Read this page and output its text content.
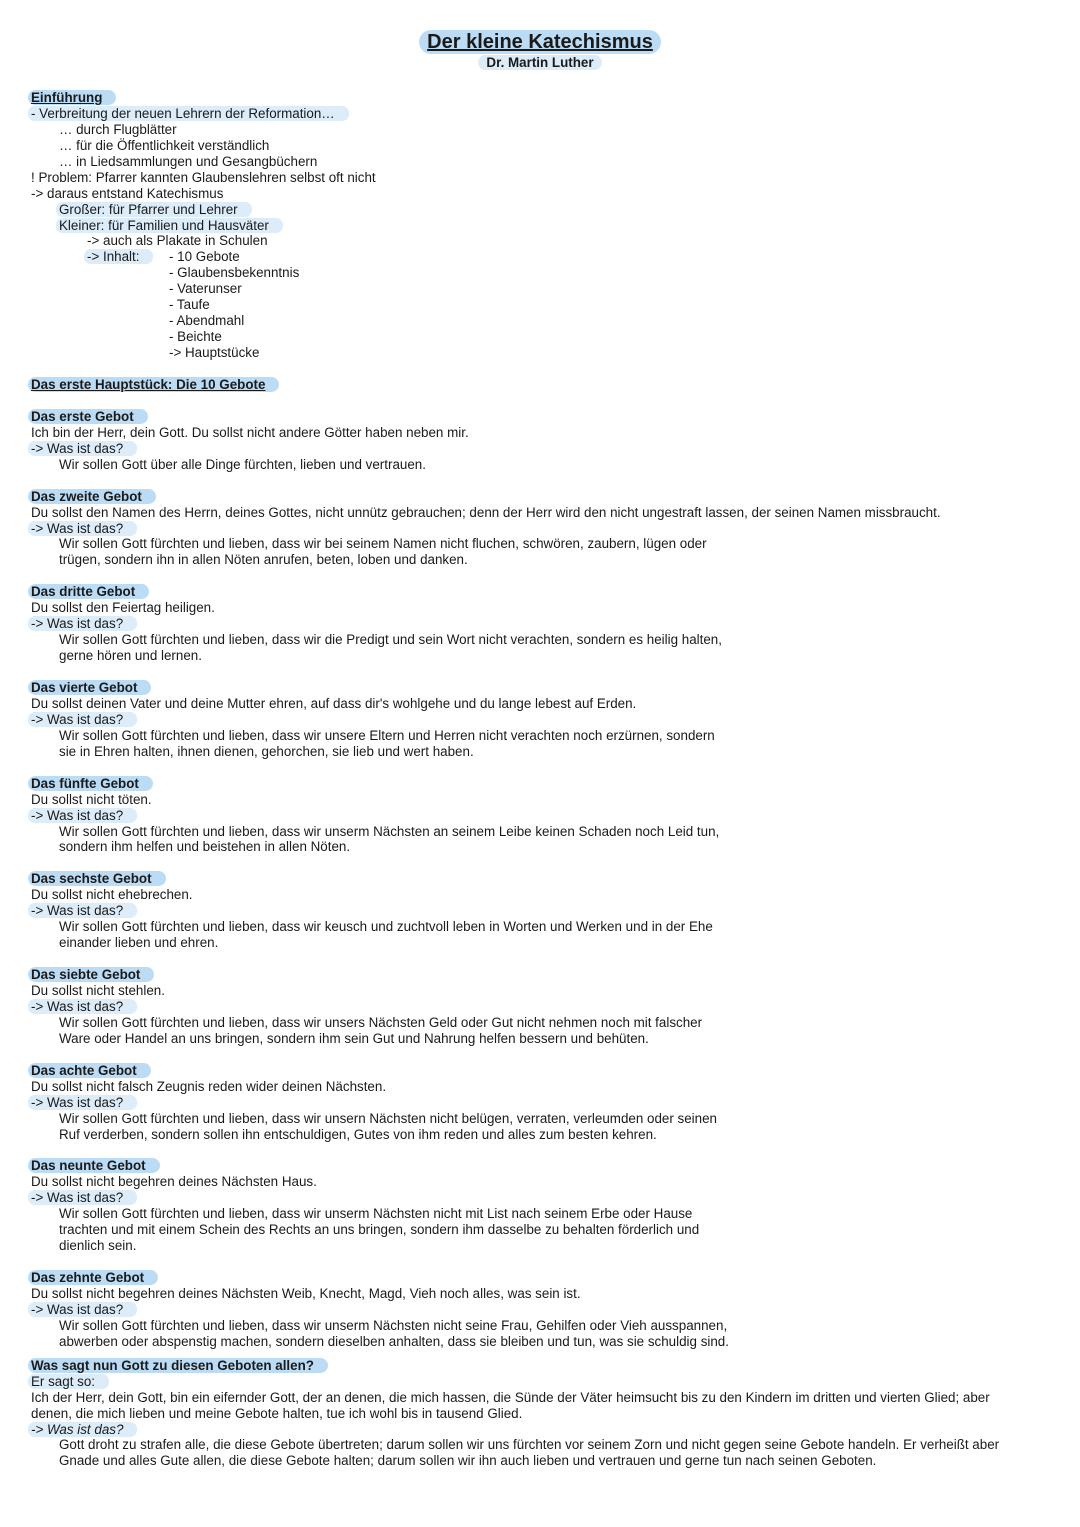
Der kleine Katechismus
Dr. Martin Luther
Einführung
- Verbreitung der neuen Lehrern der Reformation…
… durch Flugblätter
… für die Öffentlichkeit verständlich
… in Liedsammlungen und Gesangbüchern
! Problem: Pfarrer kannten Glaubenslehren selbst oft nicht
-> daraus entstand Katechismus
Großer: für Pfarrer und Lehrer
Kleiner: für Familien und Hausväter
-> auch als Plakate in Schulen
-> Inhalt:	- 10 Gebote
- Glaubensbekenntnis
- Vaterunser
- Taufe
- Abendmahl
- Beichte
-> Hauptstücke
Das erste Hauptstück: Die 10 Gebote
Das erste Gebot
Ich bin der Herr, dein Gott. Du sollst nicht andere Götter haben neben mir.
-> Was ist das?
Wir sollen Gott über alle Dinge fürchten, lieben und vertrauen.
Das zweite Gebot
Du sollst den Namen des Herrn, deines Gottes, nicht unnütz gebrauchen; denn der Herr wird den nicht ungestraft lassen, der seinen Namen missbraucht.
-> Was ist das?
Wir sollen Gott fürchten und lieben, dass wir bei seinem Namen nicht fluchen, schwören, zaubern, lügen oder
trügen, sondern ihn in allen Nöten anrufen, beten, loben und danken.
Das dritte Gebot
Du sollst den Feiertag heiligen.
-> Was ist das?
Wir sollen Gott fürchten und lieben, dass wir die Predigt und sein Wort nicht verachten, sondern es heilig halten,
gerne hören und lernen.
Das vierte Gebot
Du sollst deinen Vater und deine Mutter ehren, auf dass dir's wohlgehe und du lange lebest auf Erden.
-> Was ist das?
Wir sollen Gott fürchten und lieben, dass wir unsere Eltern und Herren nicht verachten noch erzürnen, sondern
sie in Ehren halten, ihnen dienen, gehorchen, sie lieb und wert haben.
Das fünfte Gebot
Du sollst nicht töten.
-> Was ist das?
Wir sollen Gott fürchten und lieben, dass wir unserm Nächsten an seinem Leibe keinen Schaden noch Leid tun,
sondern ihm helfen und beistehen in allen Nöten.
Das sechste Gebot
Du sollst nicht ehebrechen.
-> Was ist das?
Wir sollen Gott fürchten und lieben, dass wir keusch und zuchtvoll leben in Worten und Werken und in der Ehe
einander lieben und ehren.
Das siebte Gebot
Du sollst nicht stehlen.
-> Was ist das?
Wir sollen Gott fürchten und lieben, dass wir unsers Nächsten Geld oder Gut nicht nehmen noch mit falscher
Ware oder Handel an uns bringen, sondern ihm sein Gut und Nahrung helfen bessern und behüten.
Das achte Gebot
Du sollst nicht falsch Zeugnis reden wider deinen Nächsten.
-> Was ist das?
Wir sollen Gott fürchten und lieben, dass wir unsern Nächsten nicht belügen, verraten, verleumden oder seinen
Ruf verderben, sondern sollen ihn entschuldigen, Gutes von ihm reden und alles zum besten kehren.
Das neunte Gebot
Du sollst nicht begehren deines Nächsten Haus.
-> Was ist das?
Wir sollen Gott fürchten und lieben, dass wir unserm Nächsten nicht mit List nach seinem Erbe oder Hause
trachten und mit einem Schein des Rechts an uns bringen, sondern ihm dasselbe zu behalten förderlich und
dienlich sein.
Das zehnte Gebot
Du sollst nicht begehren deines Nächsten Weib, Knecht, Magd, Vieh noch alles, was sein ist.
-> Was ist das?
Wir sollen Gott fürchten und lieben, dass wir unserm Nächsten nicht seine Frau, Gehilfen oder Vieh ausspannen,
abwerben oder abspenstig machen, sondern dieselben anhalten, dass sie bleiben und tun, was sie schuldig sind.
Was sagt nun Gott zu diesen Geboten allen?
Er sagt so:
Ich der Herr, dein Gott, bin ein eifernder Gott, der an denen, die mich hassen, die Sünde der Väter heimsucht bis zu den Kindern im dritten und vierten Glied; aber
denen, die mich lieben und meine Gebote halten, tue ich wohl bis in tausend Glied.
-> Was ist das?
Gott droht zu strafen alle, die diese Gebote übertreten; darum sollen wir uns fürchten vor seinem Zorn und nicht gegen seine Gebote handeln. Er verheißt aber
Gnade und alles Gute allen, die diese Gebote halten; darum sollen wir ihn auch lieben und vertrauen und gerne tun nach seinen Geboten.
